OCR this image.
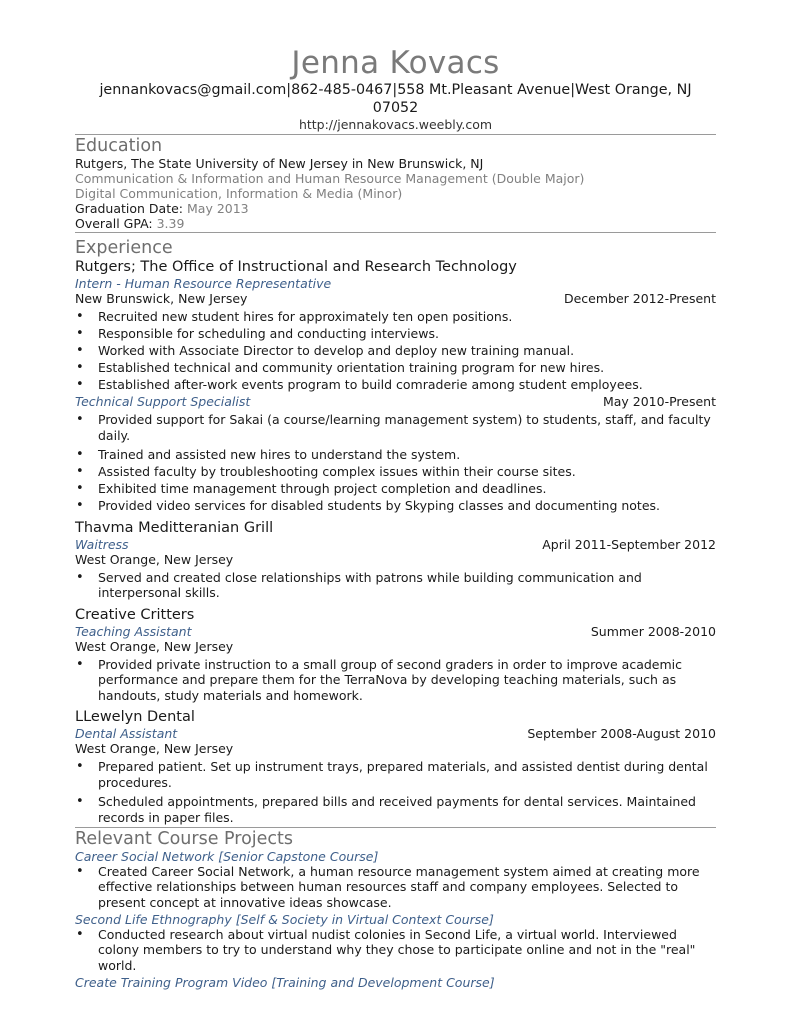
Jenna Kovacs
jennankovacs@gmail.com|862-485-0467|558 Mt.Pleasant Avenue|West Orange, NJ 07052
http://jennakovacs.weebly.com
Education
Rutgers, The State University of New Jersey in New Brunswick, NJ
Communication & Information and Human Resource Management (Double Major)
Digital Communication, Information & Media (Minor)
Graduation Date: May 2013
Overall GPA: 3.39
Experience
Rutgers; The Office of Instructional and Research Technology
Intern - Human Resource Representative
New Brunswick, New Jersey	December 2012-Present
• Recruited new student hires for approximately ten open positions.
• Responsible for scheduling and conducting interviews.
• Worked with Associate Director to develop and deploy new training manual.
• Established technical and community orientation training program for new hires.
• Established after-work events program to build comraderie among student employees.
Technical Support Specialist	May 2010-Present
• Provided support for Sakai (a course/learning management system) to students, staff, and faculty daily.
• Trained and assisted new hires to understand the system.
• Assisted faculty by troubleshooting complex issues within their course sites.
• Exhibited time management through project completion and deadlines.
• Provided video services for disabled students by Skyping classes and documenting notes.
Thavma Meditteranian Grill
Waitress	April 2011-September 2012
West Orange, New Jersey
• Served and created close relationships with patrons while building communication and interpersonal skills.
Creative Critters
Teaching Assistant	Summer 2008-2010
West Orange, New Jersey
• Provided private instruction to a small group of second graders in order to improve academic performance and prepare them for the TerraNova by developing teaching materials, such as handouts, study materials and homework.
LLewelyn Dental
Dental Assistant	September 2008-August 2010
West Orange, New Jersey
• Prepared patient. Set up instrument trays, prepared materials, and assisted dentist during dental procedures.
• Scheduled appointments, prepared bills and received payments for dental services. Maintained records in paper files.
Relevant Course Projects
Career Social Network [Senior Capstone Course]
• Created Career Social Network, a human resource management system aimed at creating more effective relationships between human resources staff and company employees. Selected to present concept at innovative ideas showcase.
Second Life Ethnography [Self & Society in Virtual Context Course]
• Conducted research about virtual nudist colonies in Second Life, a virtual world. Interviewed colony members to try to understand why they chose to participate online and not in the "real" world.
Create Training Program Video [Training and Development Course]
